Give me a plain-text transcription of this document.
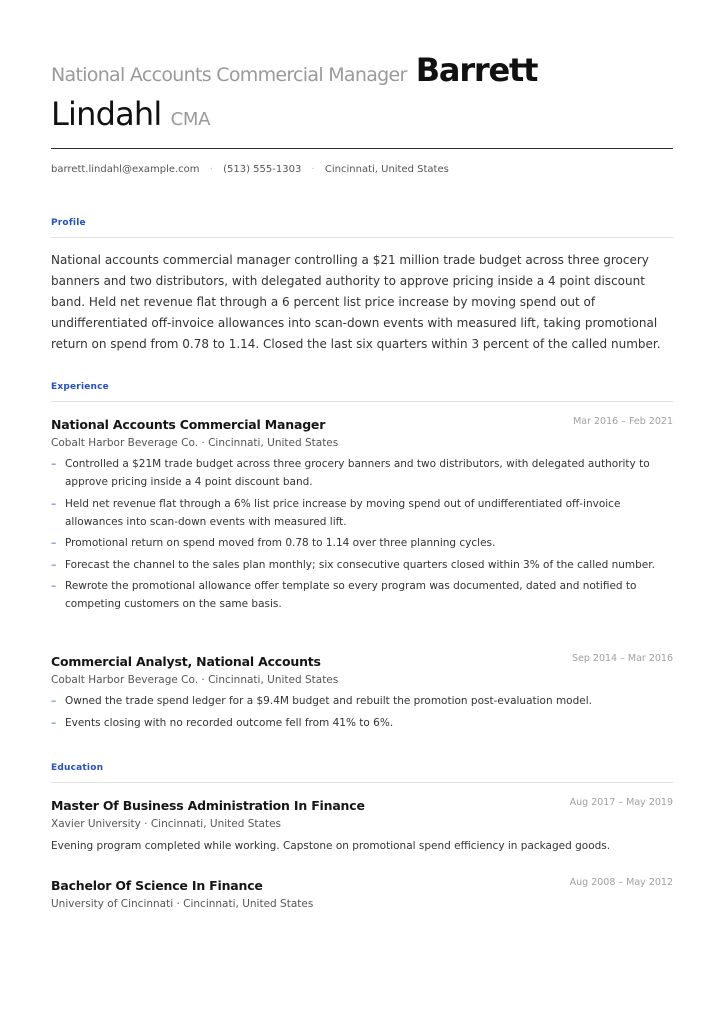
National Accounts Commercial Manager Barrett
Lindahl CMA
barrett.lindahl@example.com · (513) 555-1303 · Cincinnati, United States
Profile
National accounts commercial manager controlling a $21 million trade budget across three grocery banners and two distributors, with delegated authority to approve pricing inside a 4 point discount band. Held net revenue flat through a 6 percent list price increase by moving spend out of undifferentiated off-invoice allowances into scan-down events with measured lift, taking promotional return on spend from 0.78 to 1.14. Closed the last six quarters within 3 percent of the called number.
Experience
National Accounts Commercial Manager	Mar 2016 – Feb 2021
Cobalt Harbor Beverage Co. · Cincinnati, United States
– Controlled a $21M trade budget across three grocery banners and two distributors, with delegated authority to approve pricing inside a 4 point discount band.
– Held net revenue flat through a 6% list price increase by moving spend out of undifferentiated off-invoice allowances into scan-down events with measured lift.
– Promotional return on spend moved from 0.78 to 1.14 over three planning cycles.
– Forecast the channel to the sales plan monthly; six consecutive quarters closed within 3% of the called number.
– Rewrote the promotional allowance offer template so every program was documented, dated and notified to competing customers on the same basis.
Commercial Analyst, National Accounts	Sep 2014 – Mar 2016
Cobalt Harbor Beverage Co. · Cincinnati, United States
– Owned the trade spend ledger for a $9.4M budget and rebuilt the promotion post-evaluation model.
– Events closing with no recorded outcome fell from 41% to 6%.
Education
Master Of Business Administration In Finance	Aug 2017 – May 2019
Xavier University · Cincinnati, United States
Evening program completed while working. Capstone on promotional spend efficiency in packaged goods.
Bachelor Of Science In Finance	Aug 2008 – May 2012
University of Cincinnati · Cincinnati, United States
